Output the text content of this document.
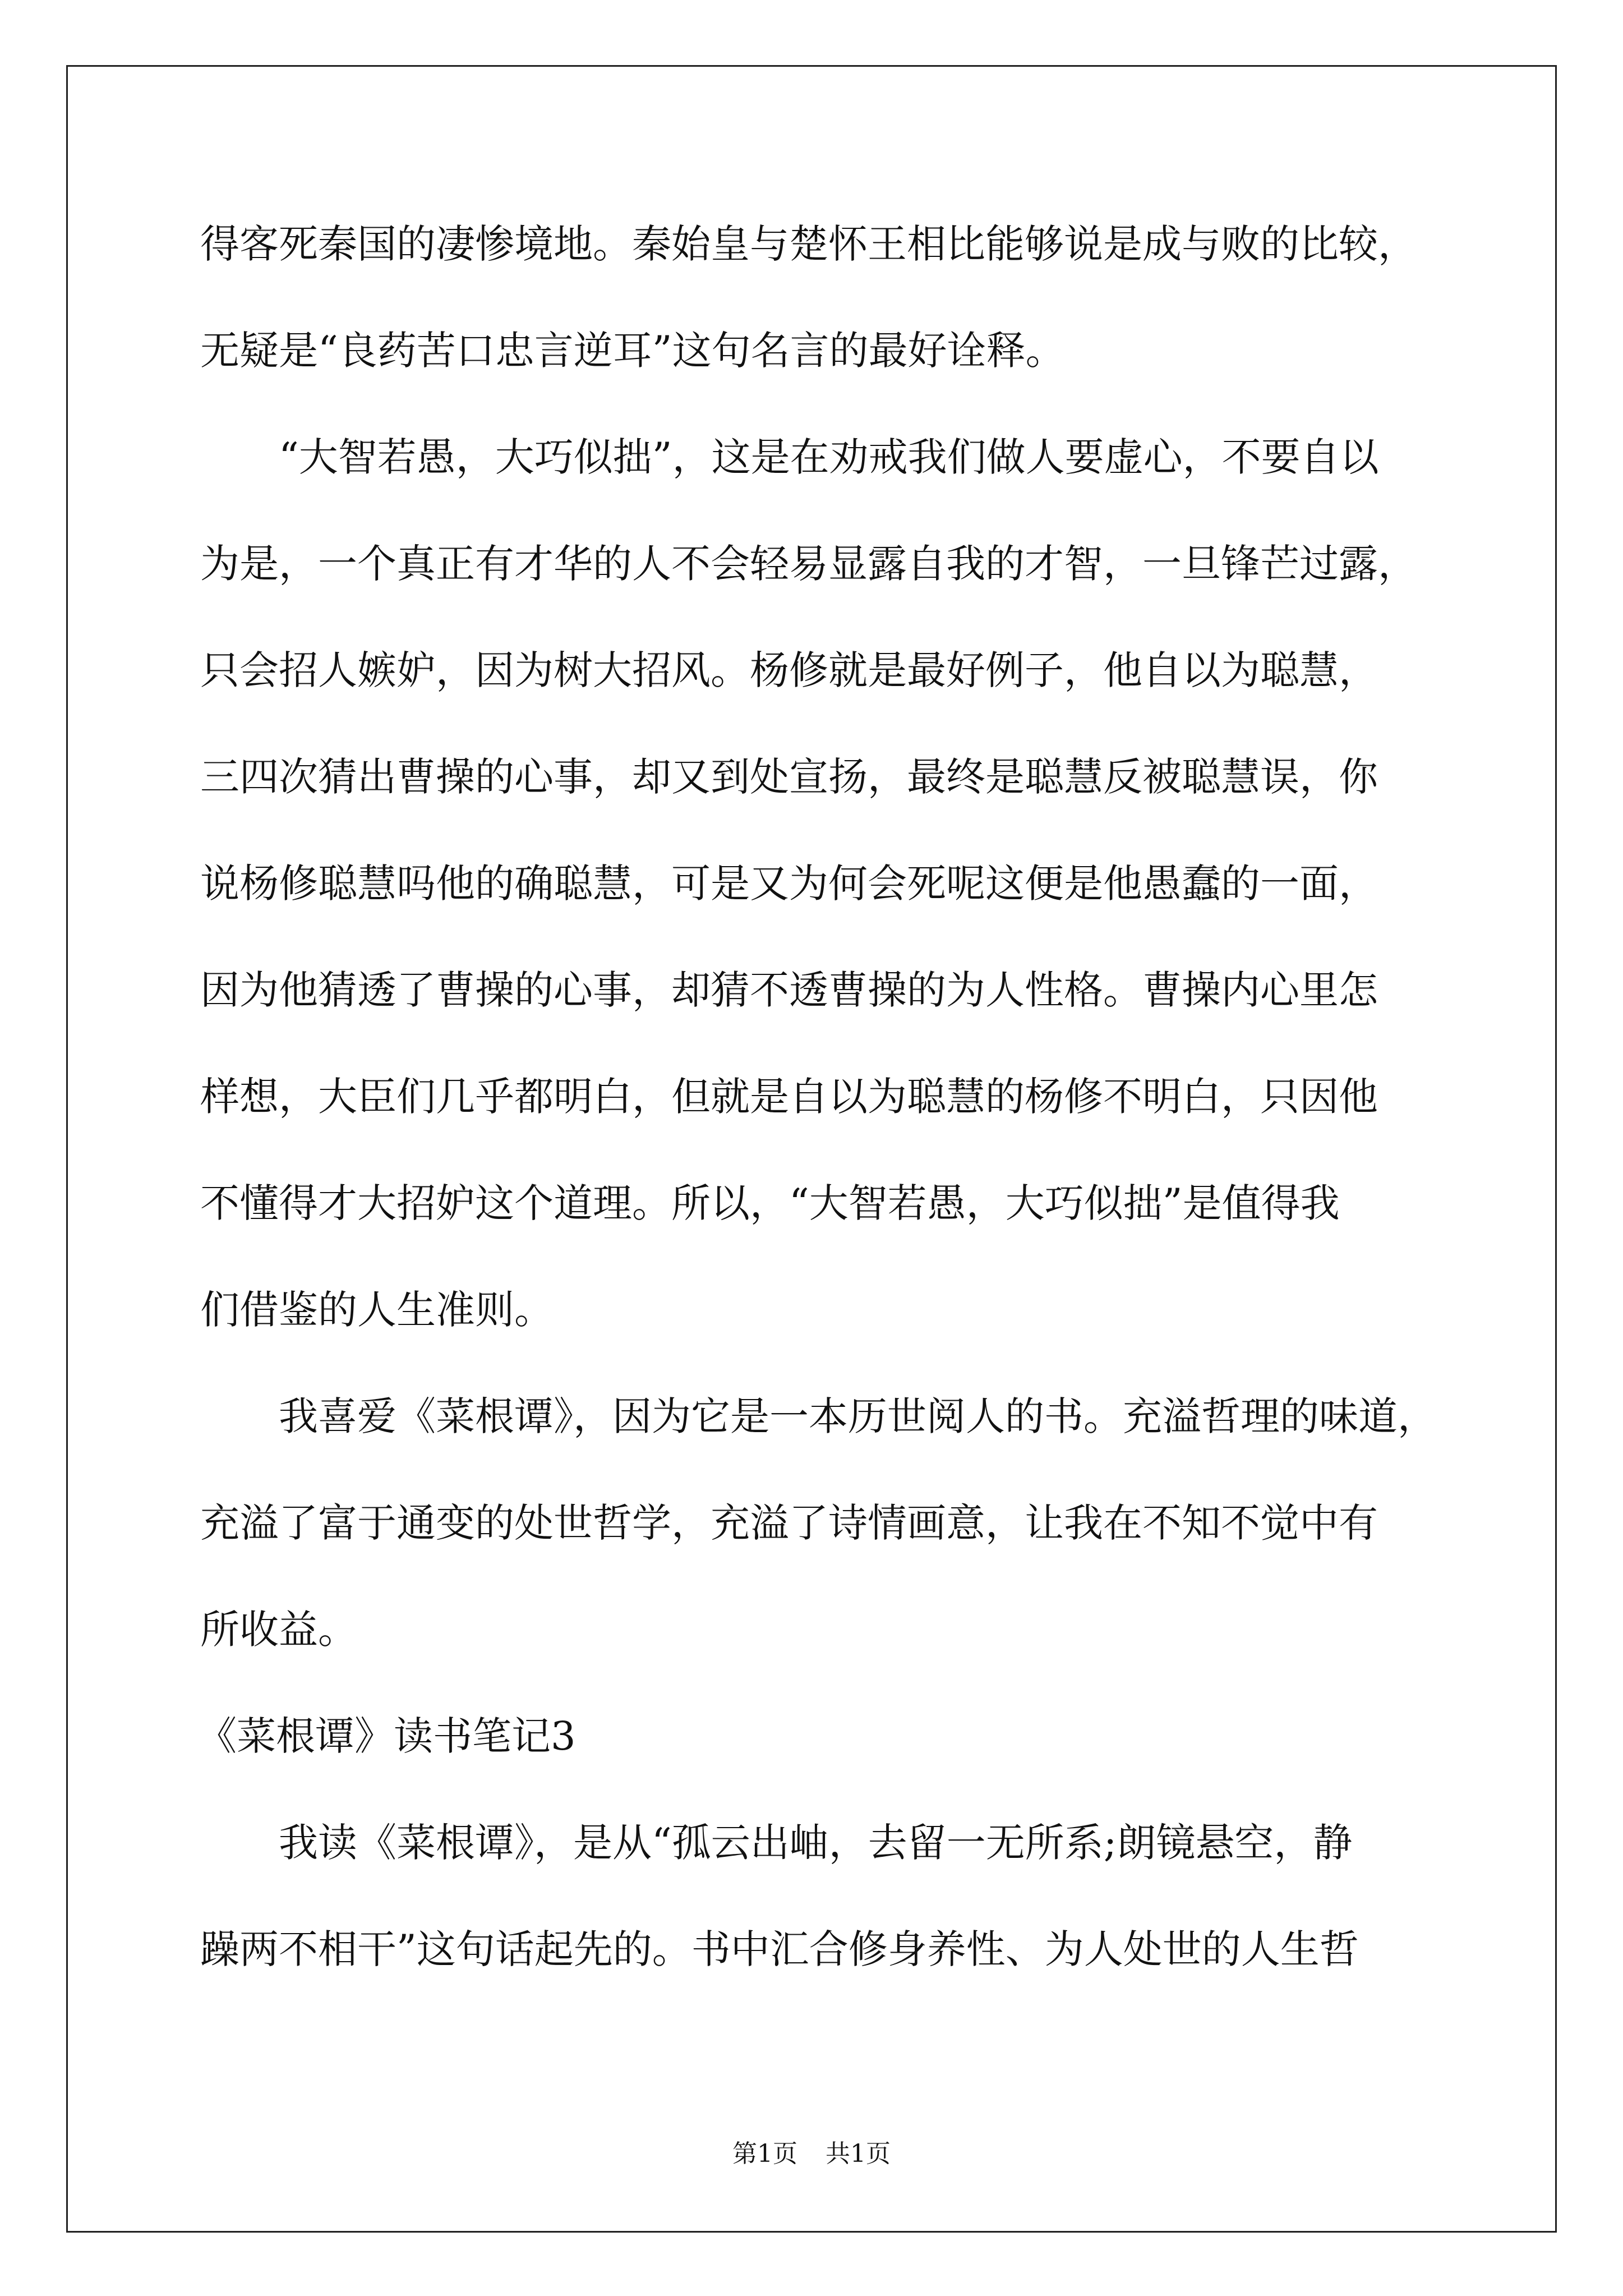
得客死秦国的凄惨境地。秦始皇与楚怀王相比能够说是成与败的比较，
无疑是“良药苦口忠言逆耳”这句名言的最好诠释。
“大智若愚，大巧似拙”，这是在劝戒我们做人要虚心，不要自以
为是，一个真正有才华的人不会轻易显露自我的才智，一旦锋芒过露，
只会招人嫉妒，因为树大招风。杨修就是最好例子，他自以为聪慧，
三四次猜出曹操的心事，却又到处宣扬，最终是聪慧反被聪慧误，你
说杨修聪慧吗他的确聪慧，可是又为何会死呢这便是他愚蠢的一面，
因为他猜透了曹操的心事，却猜不透曹操的为人性格。曹操内心里怎
样想，大臣们几乎都明白，但就是自以为聪慧的杨修不明白，只因他
不懂得才大招妒这个道理。所以，“大智若愚，大巧似拙”是值得我
们借鉴的人生准则。
我喜爱《菜根谭》，因为它是一本历世阅人的书。充溢哲理的味道，
充溢了富于通变的处世哲学，充溢了诗情画意，让我在不知不觉中有
所收益。
《菜根谭》读书笔记3
我读《菜根谭》，是从“孤云出岫，去留一无所系;朗镜悬空，静
躁两不相干”这句话起先的。书中汇合修身养性、为人处世的人生哲
第1页 共1页
